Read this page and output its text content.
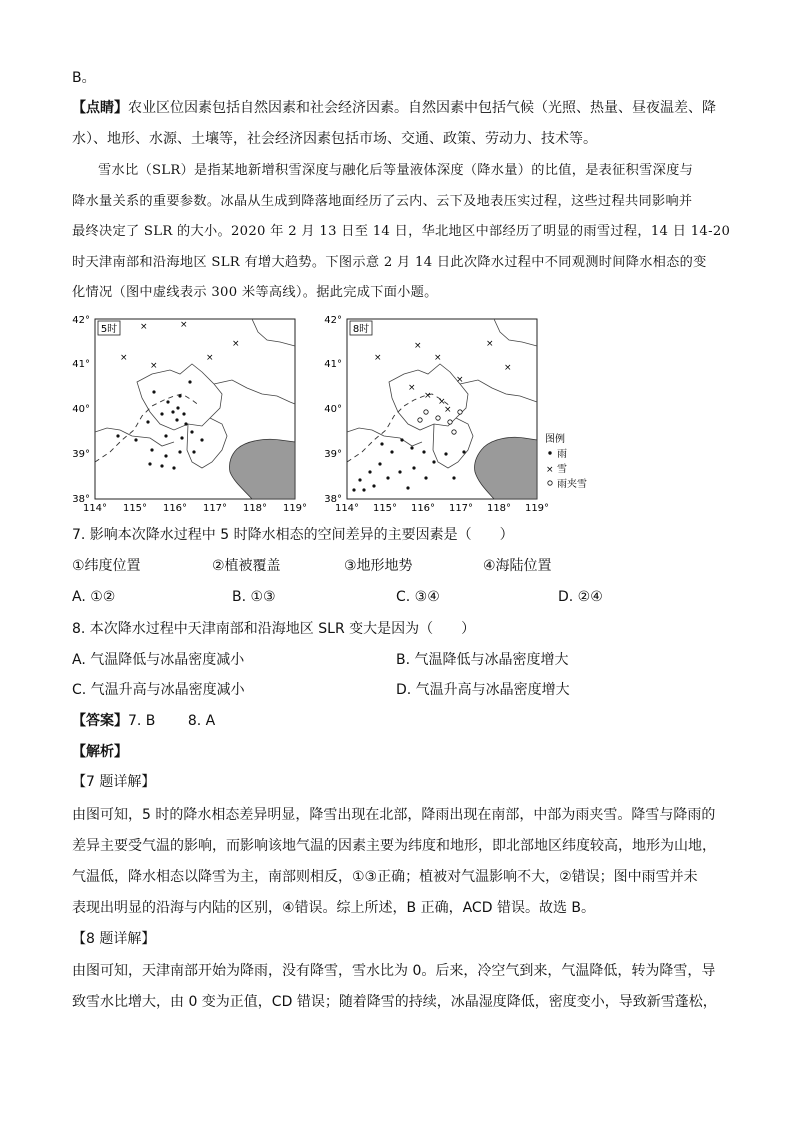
B。
【点睛】农业区位因素包括自然因素和社会经济因素。自然因素中包括气候（光照、热量、昼夜温差、降
水）、地形、水源、土壤等，社会经济因素包括市场、交通、政策、劳动力、技术等。
雪水比（SLR）是指某地新增积雪深度与融化后等量液体深度（降水量）的比值，是表征积雪深度与
降水量关系的重要参数。冰晶从生成到降落地面经历了云内、云下及地表压实过程，这些过程共同影响并
最终决定了 SLR 的大小。2020 年 2 月 13 日至 14 日，华北地区中部经历了明显的雨雪过程，14 日 14-20
时天津南部和沿海地区 SLR 有增大趋势。下图示意 2 月 14 日此次降水过程中不同观测时间降水相态的变
化情况（图中虚线表示 300 米等高线）。据此完成下面小题。
42°
41°
40°
39°
38°
114° 115° 116° 117° 118° 119°
5时	×	×
×
×
×
×
42°
41°
40°
39°
38°
114° 115° 116° 117° 118° 119°
8时
×
×
×
×
×
×
×
×
×
×
图例
雨
× 雪
雨夹雪
7. 影响本次降水过程中 5 时降水相态的空间差异的主要因素是（　　）
①纬度位置	②植被覆盖	③地形地势	④海陆位置
A. ①②	B. ①③	C. ③④	D. ②④
8. 本次降水过程中天津南部和沿海地区 SLR 变大是因为（　　）
A. 气温降低与冰晶密度减小	B. 气温降低与冰晶密度增大
C. 气温升高与冰晶密度减小	D. 气温升高与冰晶密度增大
【答案】7. B　　 8. A
【解析】
【7 题详解】
由图可知，5 时的降水相态差异明显，降雪出现在北部，降雨出现在南部，中部为雨夹雪。降雪与降雨的
差异主要受气温的影响，而影响该地气温的因素主要为纬度和地形，即北部地区纬度较高，地形为山地，
气温低，降水相态以降雪为主，南部则相反，①③正确；植被对气温影响不大，②错误；图中雨雪并未
表现出明显的沿海与内陆的区别，④错误。综上所述，B 正确，ACD 错误。故选 B。
【8 题详解】
由图可知，天津南部开始为降雨，没有降雪，雪水比为 0。后来，冷空气到来，气温降低，转为降雪，导
致雪水比增大，由 0 变为正值，CD 错误；随着降雪的持续，冰晶湿度降低，密度变小，导致新雪蓬松，
